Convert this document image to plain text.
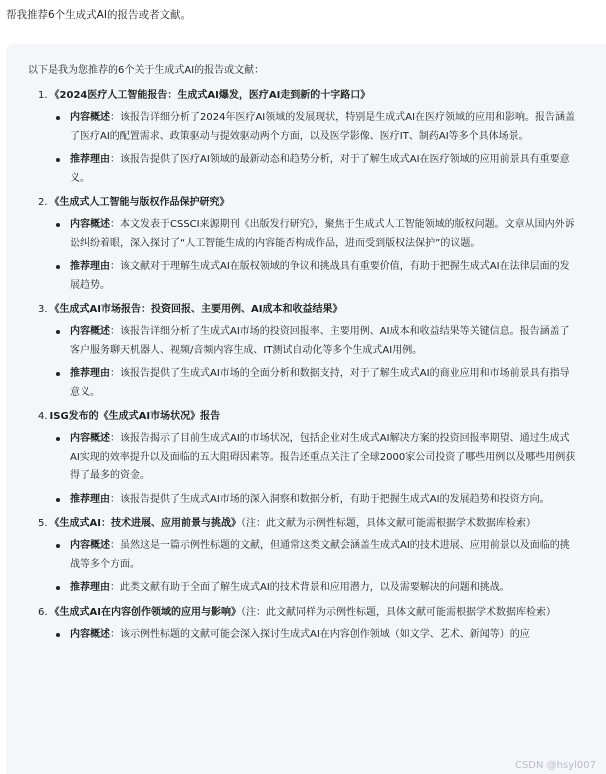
帮我推荐6个生成式AI的报告或者文献。
以下是我为您推荐的6个关于生成式AI的报告或文献：
1. 《2024医疗人工智能报告：生成式AI爆发，医疗AI走到新的十字路口》
内容概述：该报告详细分析了2024年医疗AI领域的发展现状，特别是生成式AI在医疗领域的应用和影响。报告涵盖了医疗AI的配置需求、政策驱动与提效驱动两个方面，以及医学影像、医疗IT、制药AI等多个具体场景。
推荐理由：该报告提供了医疗AI领域的最新动态和趋势分析，对于了解生成式AI在医疗领域的应用前景具有重要意义。
2. 《生成式人工智能与版权作品保护研究》
内容概述：本文发表于CSSCI来源期刊《出版发行研究》，聚焦于生成式人工智能领域的版权问题。文章从国内外诉讼纠纷着眼，深入探讨了“人工智能生成的内容能否构成作品，进而受到版权法保护”的议题。
推荐理由：该文献对于理解生成式AI在版权领域的争议和挑战具有重要价值，有助于把握生成式AI在法律层面的发展趋势。
3. 《生成式AI市场报告：投资回报、主要用例、AI成本和收益结果》
内容概述：该报告详细分析了生成式AI市场的投资回报率、主要用例、AI成本和收益结果等关键信息。报告涵盖了客户服务聊天机器人、视频/音频内容生成、IT测试自动化等多个生成式AI用例。
推荐理由：该报告提供了生成式AI市场的全面分析和数据支持，对于了解生成式AI的商业应用和市场前景具有指导意义。
4. ISG发布的《生成式AI市场状况》报告
内容概述：该报告揭示了目前生成式AI的市场状况，包括企业对生成式AI解决方案的投资回报率期望、通过生成式AI实现的效率提升以及面临的五大阻碍因素等。报告还重点关注了全球2000家公司投资了哪些用例以及哪些用例获得了最多的资金。
推荐理由：该报告提供了生成式AI市场的深入洞察和数据分析，有助于把握生成式AI的发展趋势和投资方向。
5. 《生成式AI：技术进展、应用前景与挑战》（注：此文献为示例性标题，具体文献可能需根据学术数据库检索）
内容概述：虽然这是一篇示例性标题的文献，但通常这类文献会涵盖生成式AI的技术进展、应用前景以及面临的挑战等多个方面。
推荐理由：此类文献有助于全面了解生成式AI的技术背景和应用潜力，以及需要解决的问题和挑战。
6. 《生成式AI在内容创作领域的应用与影响》（注：此文献同样为示例性标题，具体文献可能需根据学术数据库检索）
内容概述：该示例性标题的文献可能会深入探讨生成式AI在内容创作领域（如文学、艺术、新闻等）的应
CSDN @hsyl007
